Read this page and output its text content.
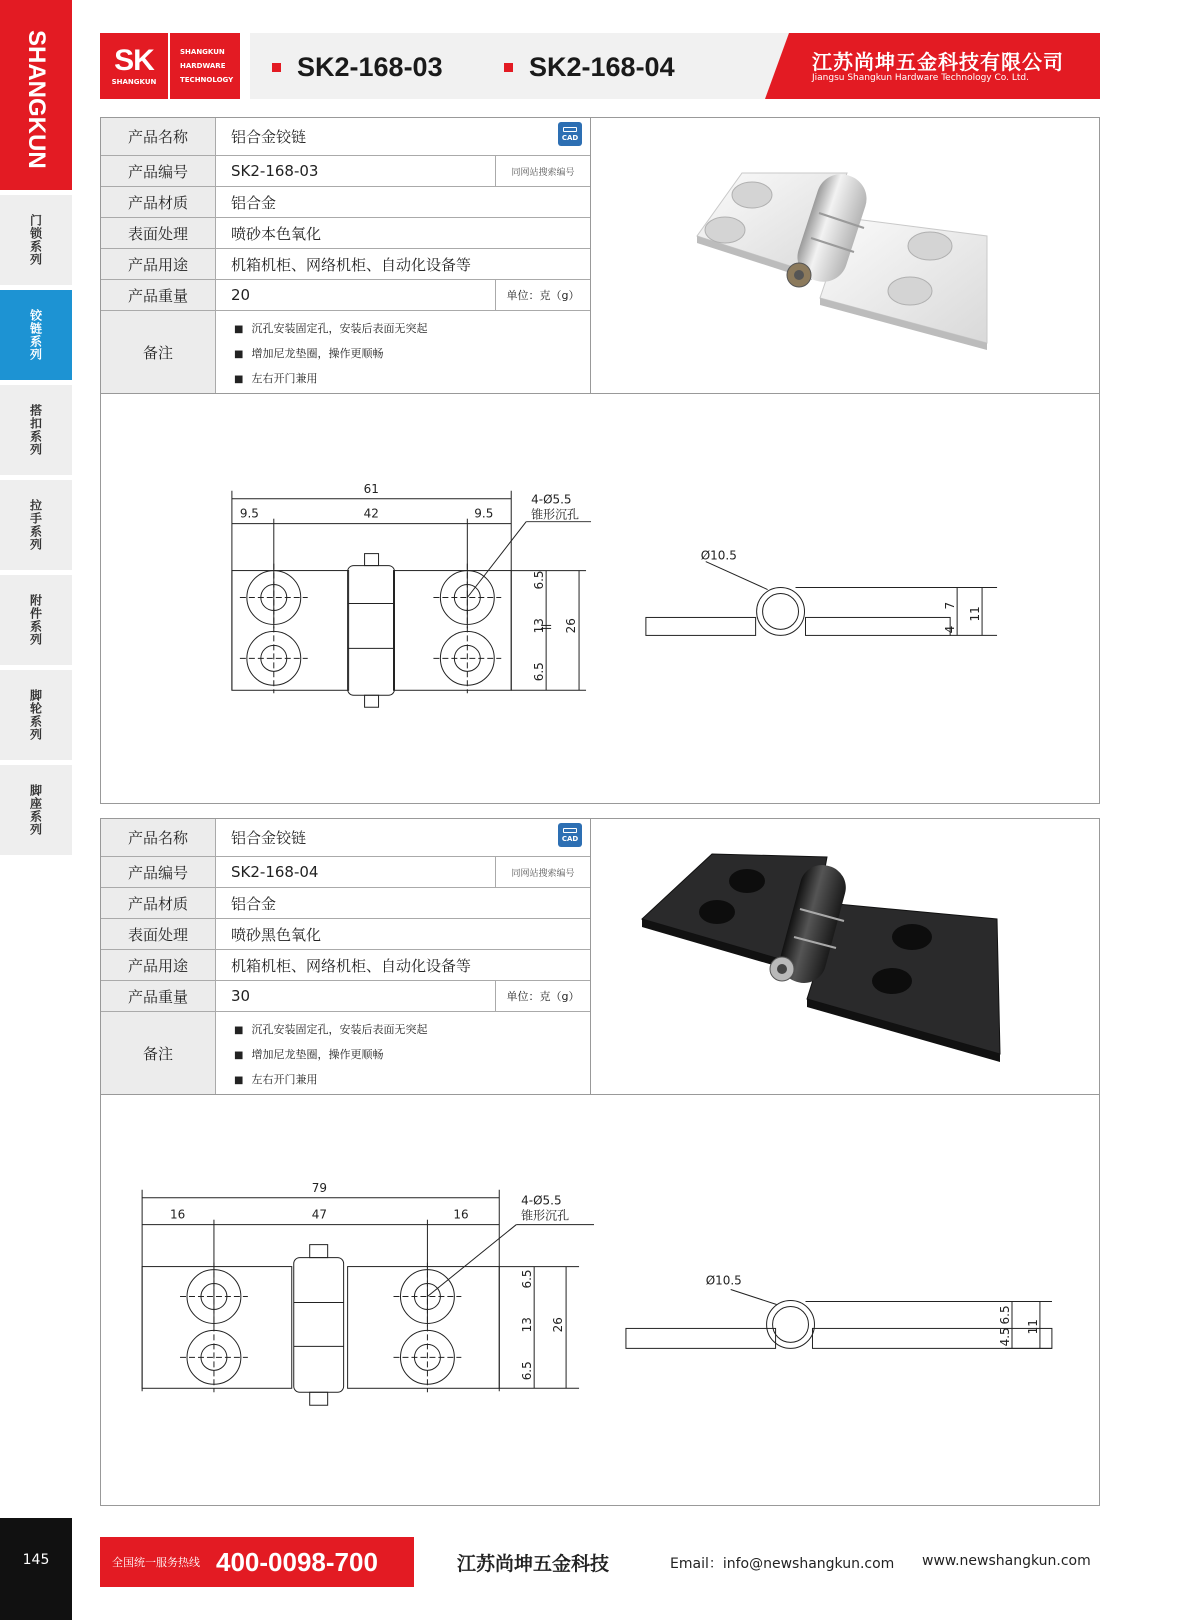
SHANGKUN
门锁系列
铰链系列
搭扣系列
拉手系列
附件系列
脚轮系列
脚座系列
145
SK
SHANGKUN
SHANGKUN
HARDWARE
TECHNOLOGY SK2-168-03	SK2-168-04	江苏尚坤五金科技有限公司
Jiangsu Shangkun Hardware Technology Co. Ltd.
产品名称	铝合金铰链	CAD
产品编号	SK2-168-03	同网站搜索编号
产品材质	铝合金
表面处理	喷砂本色氧化
产品用途	机箱机柜、网络机柜、自动化设备等
产品重量	20	单位：克（g）
备注
■ 沉孔安装固定孔，安装后表面无突起
■ 增加尼龙垫圈，操作更顺畅
■ 左右开门兼用
61
9.5	42	9.5
4-Ø5.5
锥形沉孔
6.5
13
6.5
26
Ø10.5
7
4
11
产品名称	铝合金铰链	CAD
产品编号	SK2-168-04	同网站搜索编号
产品材质	铝合金
表面处理	喷砂黑色氧化
产品用途	机箱机柜、网络机柜、自动化设备等
产品重量	30	单位：克（g）
备注
■ 沉孔安装固定孔，安装后表面无突起
■ 增加尼龙垫圈，操作更顺畅
■ 左右开门兼用
79
16	47	16
4-Ø5.5
锥形沉孔
6.5
13
6.5
26
Ø10.5
6.5
4.5
11
全国统一服务热线 400-0098-700	江苏尚坤五金科技	Email：info@newshangkun.com www.newshangkun.com
